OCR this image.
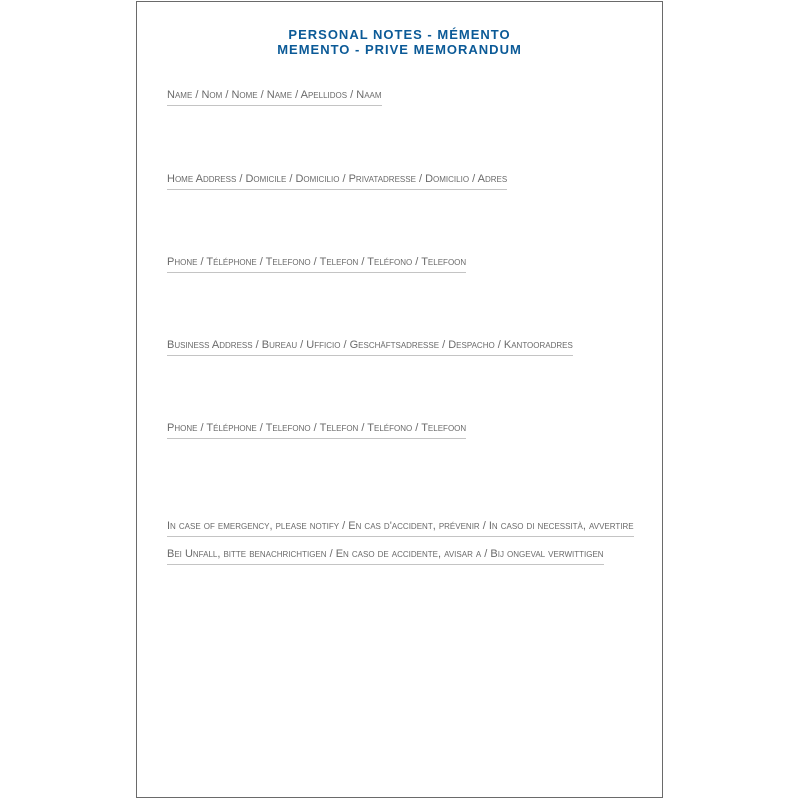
PERSONAL NOTES - MÉMENTO
MEMENTO - PRIVE MEMORANDUM
Name / Nom / Nome / Name / Apellidos / Naam
Home Address / Domicile / Domicilio / Privatadresse / Domicilio / Adres
Phone / Téléphone / Telefono / Telefon / Teléfono / Telefoon
Business Address / Bureau / Ufficio / Geschäftsadresse / Despacho / Kantooradres
Phone / Téléphone / Telefono / Telefon / Teléfono / Telefoon
In case of emergency, please notify / En cas d'accident, prévenir / In caso di necessità, avvertire
Bei Unfall, bitte benachrichtigen / En caso de accidente, avisar a / Bij ongeval verwittigen
